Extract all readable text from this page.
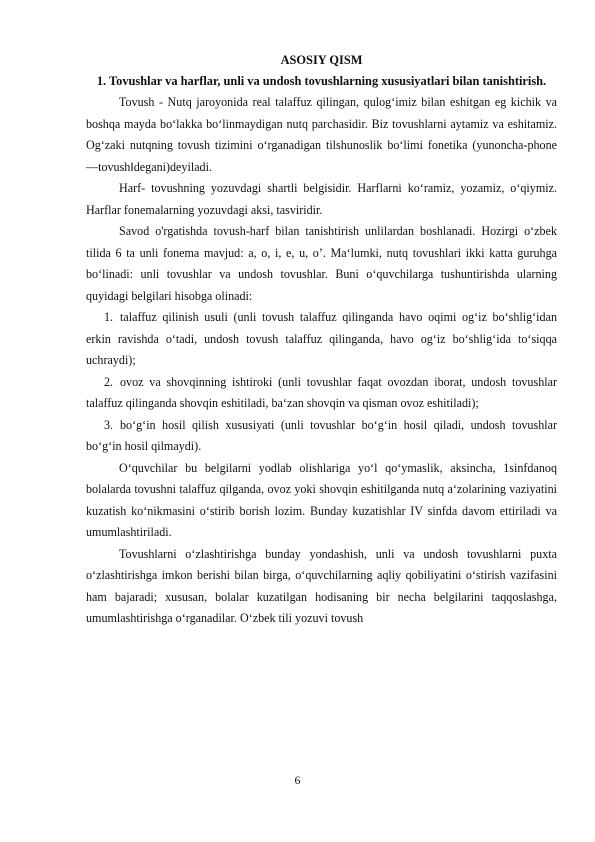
ASOSIY QISM

1. Tovushlar va harflar, unli va undosh tovushlarning xususiyatlari bilan tanishtirish.

Tovush - Nutq jaroyonida real talaffuz qilingan, qulog‘imiz bilan eshitgan eg kichik va boshqa mayda bo‘lakka bo‘linmaydigan nutq parchasidir. Biz tovushlarni aytamiz va eshitamiz. Og‘zaki nutqning tovush tizimini o‘rganadigan tilshunoslik bo‘limi fonetika (yunoncha-phone ―tovush‖degani)deyiladi.

Harf- tovushning yozuvdagi shartli belgisidir. Harflarni ko‘ramiz, yozamiz, o‘qiymiz. Harflar fonemalarning yozuvdagi aksi, tasviridir.

Savod o'rgatishda tovush-harf bilan tanishtirish unlilardan boshlanadi. Hozirgi o‘zbek tilida 6 ta unli fonema mavjud: a, o, i, e, u, o’. Ma‘lumki, nutq tovushlari ikki katta guruhga bo‘linadi: unli tovushlar va undosh tovushlar. Buni o‘quvchilarga tushuntirishda ularning quyidagi belgilari hisobga olinadi:

1. talaffuz qilinish usuli (unli tovush talaffuz qilinganda havo oqimi og‘iz bo‘shlig‘idan erkin ravishda o‘tadi, undosh tovush talaffuz qilinganda, havo og‘iz bo‘shlig‘ida to‘siqqa uchraydi);

2. ovoz va shovqinning ishtiroki (unli tovushlar faqat ovozdan iborat, undosh tovushlar talaffuz qilinganda shovqin eshitiladi, ba‘zan shovqin va qisman ovoz eshitiladi);

3. bo‘g‘in hosil qilish xususiyati (unli tovushlar bo‘g‘in hosil qiladi, undosh tovushlar bo‘g‘in hosil qilmaydi).

O‘quvchilar bu belgilarni yodlab olishlariga yo‘l qo‘ymaslik, aksincha, 1sinfdanoq bolalarda tovushni talaffuz qilganda, ovoz yoki shovqin eshitilganda nutq a‘zolarining vaziyatini kuzatish ko‘nikmasini o‘stirib borish lozim. Bunday kuzatishlar IV sinfda davom ettiriladi va umumlashtiriladi.

Tovushlarni o‘zlashtirishga bunday yondashish, unli va undosh tovushlarni puxta o‘zlashtirishga imkon berishi bilan birga, o‘quvchilarning aqliy qobiliyatini o‘stirish vazifasini ham bajaradi; xususan, bolalar kuzatilgan hodisaning bir necha belgilarini taqqoslashga, umumlashtirishga o‘rganadilar. O‘zbek tili yozuvi tovush

6
